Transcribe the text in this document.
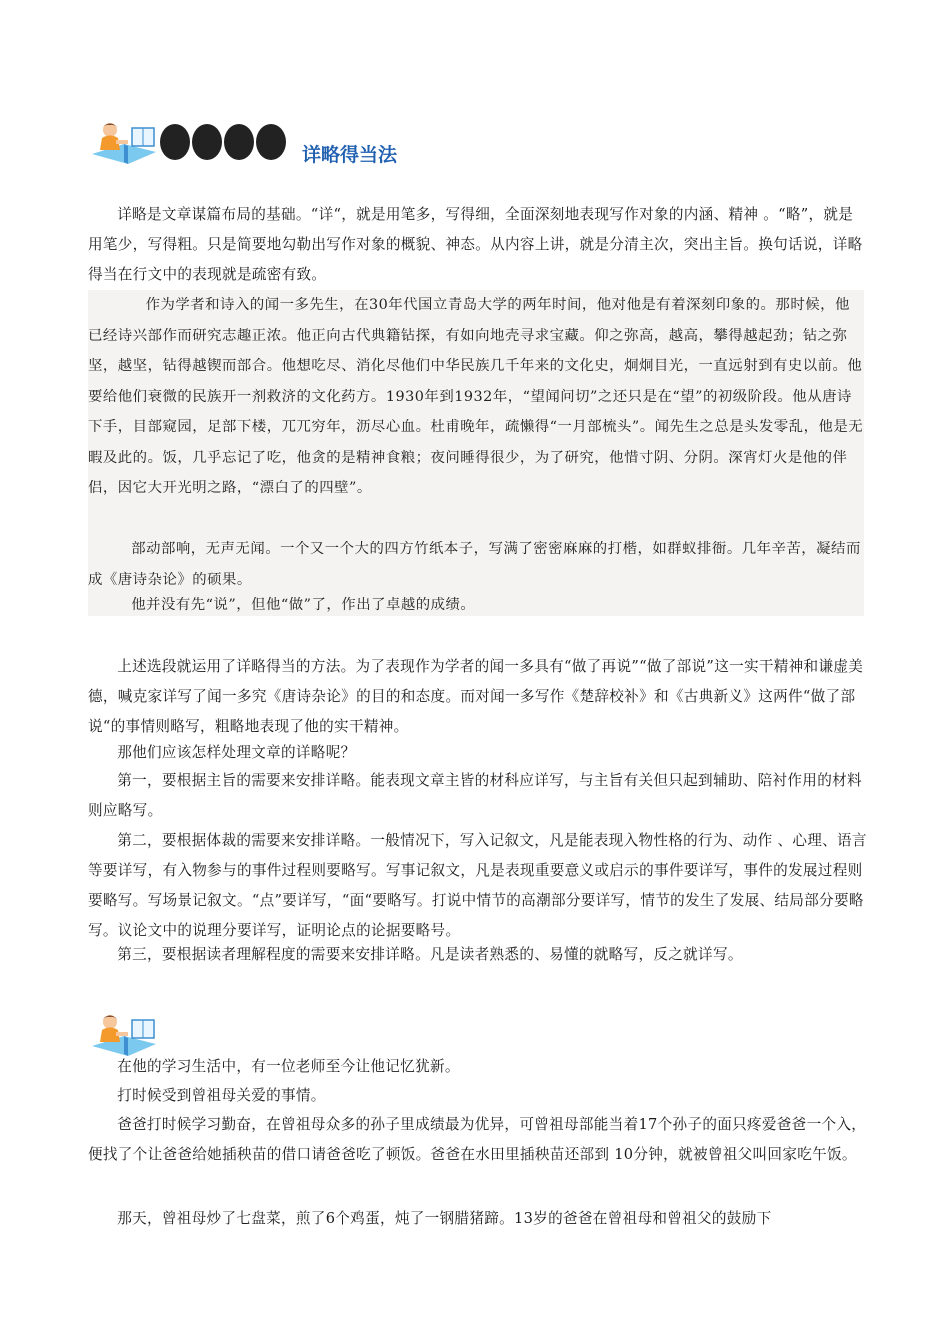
详略得当法

详略是文章谋篇布局的基础。“详“，就是用笔多，写得细，全面深刻地表现写作对象的内涵、精神 。“略”，就是用笔少，写得粗。只是简要地勾勒出写作对象的概貌、神态。从内容上讲，就是分清主次，突出主旨。换句话说，详略得当在行文中的表现就是疏密有致。

作为学者和诗入的闻一多先生，在30年代国立青岛大学的两年时间，他对他是有着深刻印象的。那时候，他已经诗兴部作而研究志趣正浓。他正向古代典籍钻探，有如向地壳寻求宝藏。仰之弥高，越高，攀得越起劲；钻之弥坚，越坚，钻得越锲而部合。他想吃尽、消化尽他们中华民族几千年来的文化史，炯炯目光，一直远射到有史以前。他要给他们衰微的民族开一剂救济的文化药方。1930年到1932年，“望闻问切”之还只是在“望”的初级阶段。他从唐诗下手，目部窥园，足部下楼，兀兀穷年，沥尽心血。杜甫晚年，疏懒得“一月部梳头”。闻先生之总是头发零乱，他是无暇及此的。饭，几乎忘记了吃，他贪的是精神食粮；夜问睡得很少，为了研究，他惜寸阴、分阴。深宵灯火是他的伴侣，因它大开光明之路，“漂白了的四壁”。

部动部响，无声无闻。一个又一个大的四方竹纸本子，写满了密密麻麻的打楷，如群蚁排衙。几年辛苦，凝结而成《唐诗杂论》的硕果。

他并没有先“说”，但他“做”了，作出了卓越的成绩。

上述选段就运用了详略得当的方法。为了表现作为学者的闻一多具有“做了再说”“做了部说”这一实干精神和谦虚美德，喊克家详写了闻一多究《唐诗杂论》的目的和态度。而对闻一多写作《楚辞校补》和《古典新义》这两件“做了部说“的事情则略写，粗略地表现了他的实干精神。

那他们应该怎样处理文章的详略呢？

第一，要根据主旨的需要来安排详略。能表现文章主皆的材科应详写，与主旨有关但只起到辅助、陪衬作用的材料则应略写。

第二，要根据体裁的需要来安排详略。一般情况下，写入记叙文，凡是能表现入物性格的行为、动作 、心理、语言等要详写，有入物参与的事件过程则要略写。写事记叙文，凡是表现重要意义或启示的事件要详写，事件的发展过程则要略写。写场景记叙文。“点”要详写，“面“要略写。打说中情节的高潮部分要详写，情节的发生了发展、结局部分要略写。议论文中的说理分要详写，证明论点的论据要略号。

第三，要根据读者理解程度的需要来安排详略。凡是读者熟悉的、易懂的就略写，反之就详写。

在他的学习生活中，有一位老师至今让他记忆犹新。

打时候受到曾祖母关爱的事情。

爸爸打时候学习勤奋，在曾祖母众多的孙子里成绩最为优异，可曾祖母部能当着17个孙子的面只疼爱爸爸一个入，便找了个让爸爸给她插秧苗的借口请爸爸吃了顿饭。爸爸在水田里插秧苗还部到 10分钟，就被曾祖父叫回家吃午饭。

那天，曾祖母炒了七盘菜，煎了6个鸡蛋，炖了一钢腊猪蹄。13岁的爸爸在曾祖母和曾祖父的鼓励下
